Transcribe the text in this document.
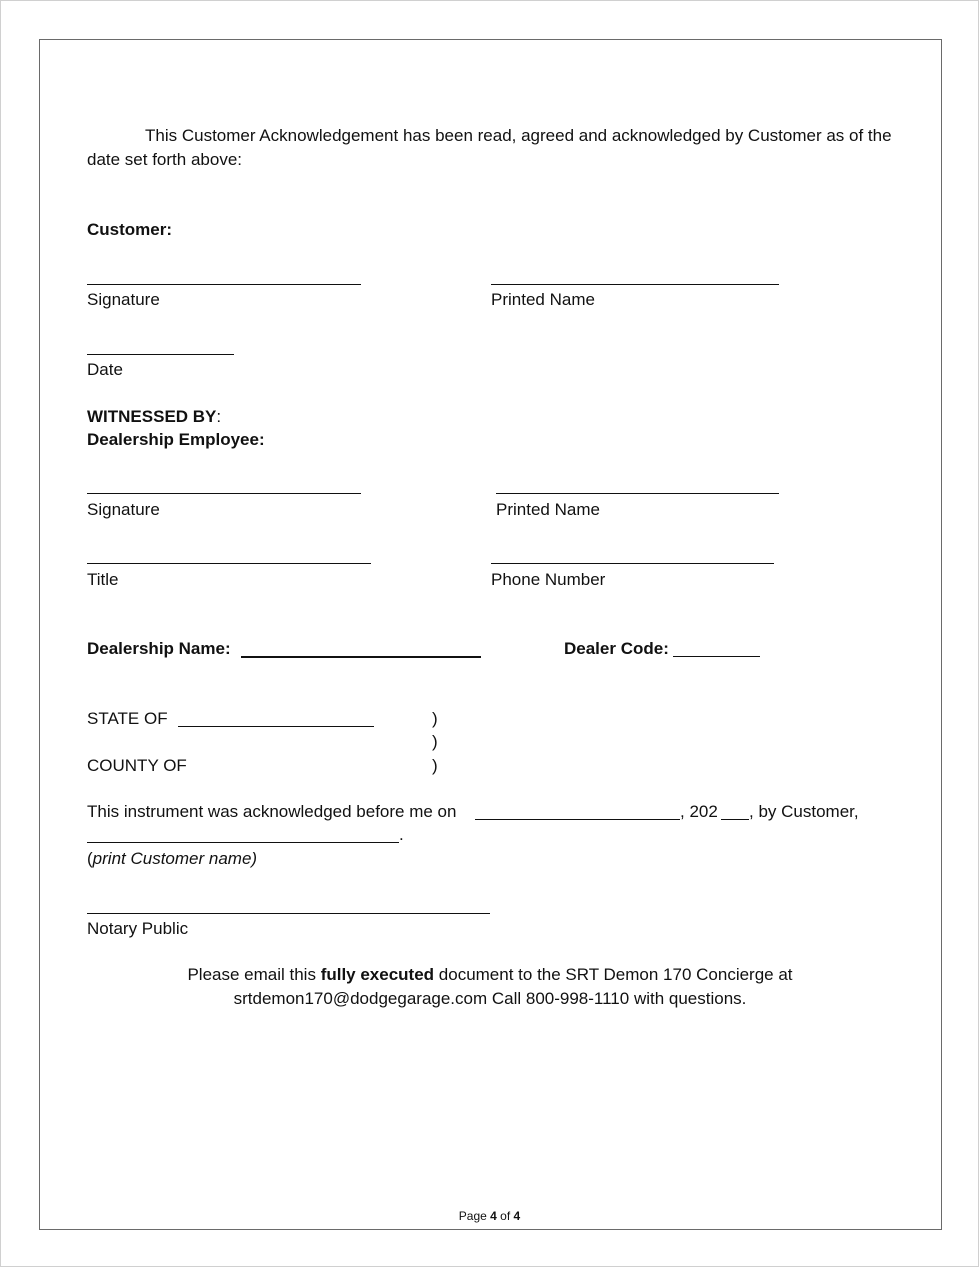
This Customer Acknowledgement has been read, agreed and acknowledged by Customer as of the date set forth above:
Customer:
Signature	Printed Name
Date
WITNESSED BY:
Dealership Employee:
Signature	Printed Name
Title	Phone Number
Dealership Name:	Dealer Code:
STATE OF	)
)
COUNTY OF	)
This instrument was acknowledged before me on	, 202 , by Customer,
.
(print Customer name)
Notary Public
Please email this fully executed document to the SRT Demon 170 Concierge at
srtdemon170@dodgegarage.com Call 800-998-1110 with questions.
Page 4 of 4
